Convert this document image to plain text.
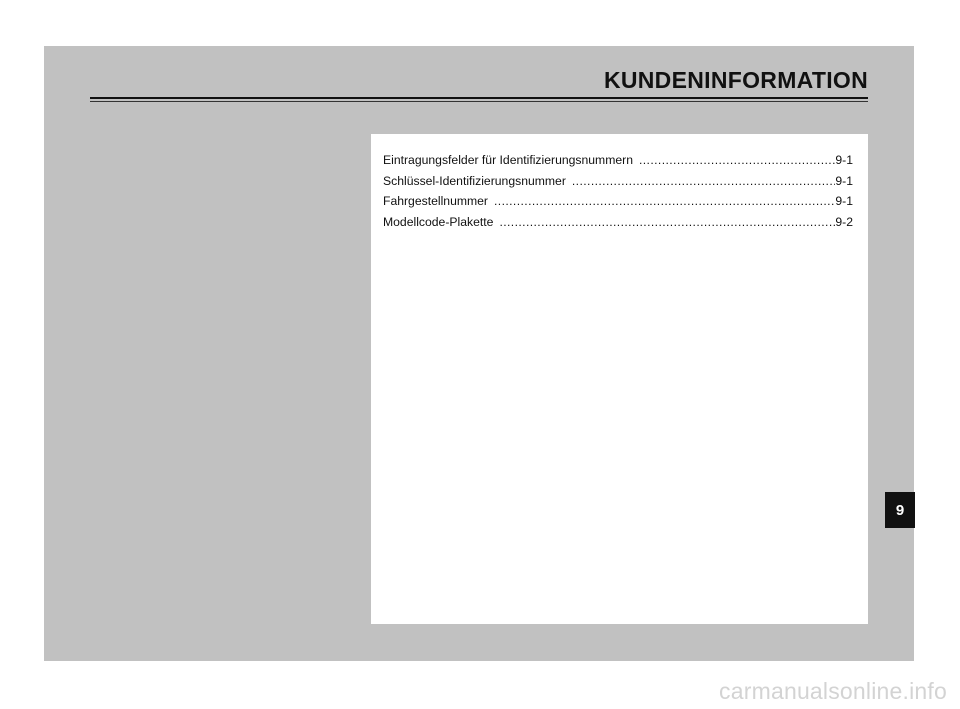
KUNDENINFORMATION
Eintragungsfelder für Identifizierungsnummern .....	9-1
Schlüssel-Identifizierungsnummer .....	9-1
Fahrgestellnummer .....	9-1
Modellcode-Plakette .....	9-2
9
carmanualsonline.info
